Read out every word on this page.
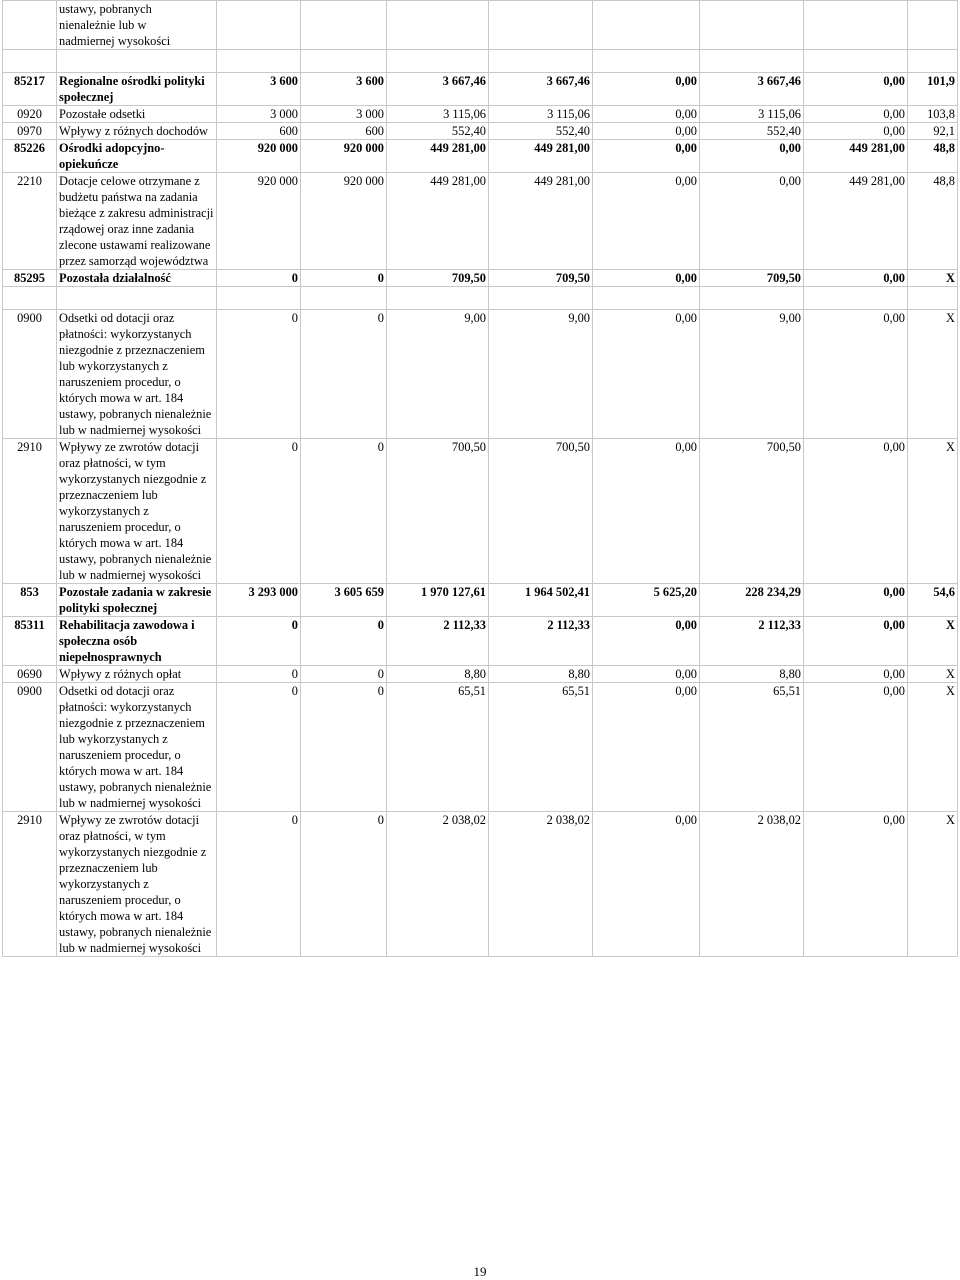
	ustawy, pobranych
nienależnie lub w
nadmiernej wysokości								

85217	Regionalne ośrodki polityki społecznej	3 600	3 600	3 667,46	3 667,46	0,00	3 667,46	0,00	101,9
0920	Pozostałe odsetki	3 000	3 000	3 115,06	3 115,06	0,00	3 115,06	0,00	103,8
0970	Wpływy z różnych dochodów	600	600	552,40	552,40	0,00	552,40	0,00	92,1
85226	Ośrodki adopcyjno-opiekuńcze	920 000	920 000	449 281,00	449 281,00	0,00	0,00	449 281,00	48,8
2210	Dotacje celowe otrzymane z budżetu państwa na zadania bieżące z zakresu administracji rządowej oraz inne zadania zlecone ustawami realizowane przez samorząd województwa	920 000	920 000	449 281,00	449 281,00	0,00	0,00	449 281,00	48,8
85295	Pozostała działalność	0	0	709,50	709,50	0,00	709,50	0,00	X

0900	Odsetki od dotacji oraz płatności: wykorzystanych niezgodnie z przeznaczeniem lub wykorzystanych z naruszeniem procedur, o których mowa w art. 184 ustawy, pobranych nienależnie lub w nadmiernej wysokości	0	0	9,00	9,00	0,00	9,00	0,00	X
2910	Wpływy ze zwrotów dotacji oraz płatności, w tym wykorzystanych niezgodnie z przeznaczeniem lub wykorzystanych z naruszeniem procedur, o których mowa w art. 184 ustawy, pobranych nienależnie lub w nadmiernej wysokości	0	0	700,50	700,50	0,00	700,50	0,00	X
853	Pozostałe zadania w zakresie polityki społecznej	3 293 000	3 605 659	1 970 127,61	1 964 502,41	5 625,20	228 234,29	0,00	54,6
85311	Rehabilitacja zawodowa i społeczna osób niepełnosprawnych	0	0	2 112,33	2 112,33	0,00	2 112,33	0,00	X
0690	Wpływy z różnych opłat	0	0	8,80	8,80	0,00	8,80	0,00	X
0900	Odsetki od dotacji oraz płatności: wykorzystanych niezgodnie z przeznaczeniem lub wykorzystanych z naruszeniem procedur, o których mowa w art. 184 ustawy, pobranych nienależnie lub w nadmiernej wysokości	0	0	65,51	65,51	0,00	65,51	0,00	X
2910	Wpływy ze zwrotów dotacji oraz płatności, w tym wykorzystanych niezgodnie z przeznaczeniem lub wykorzystanych z naruszeniem procedur, o których mowa w art. 184 ustawy, pobranych nienależnie lub w nadmiernej wysokości	0	0	2 038,02	2 038,02	0,00	2 038,02	0,00	X
19
